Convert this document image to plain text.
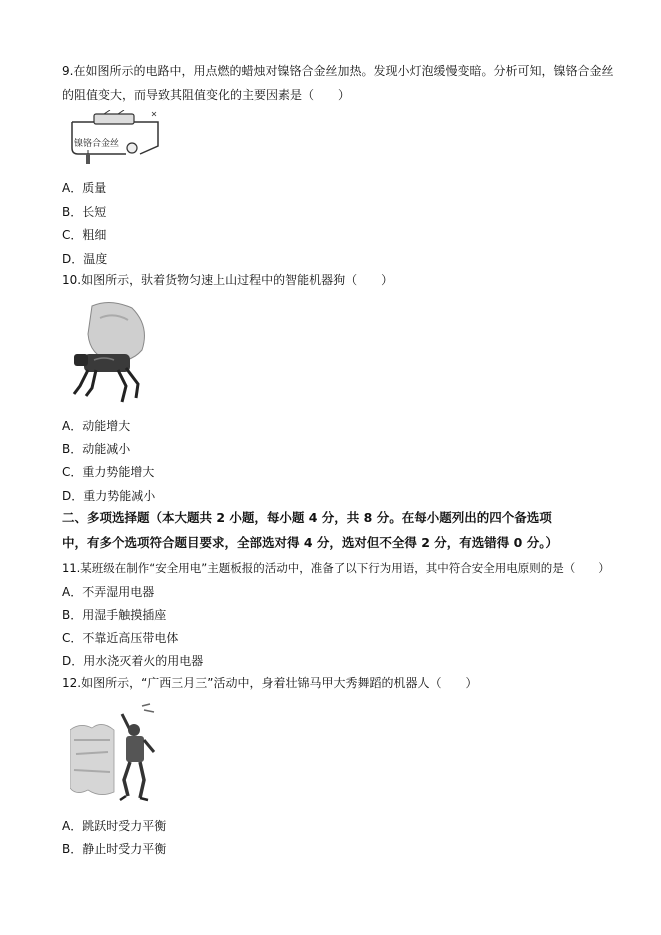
9.在如图所示的电路中，用点燃的蜡烛对镍铬合金丝加热。发现小灯泡缓慢变暗。分析可知，镍铬合金丝
的阻值变大，而导致其阻值变化的主要因素是（　　）
镍铬合金丝
A．质量
B．长短
C．粗细
D．温度
10.如图所示，驮着货物匀速上山过程中的智能机器狗（　　）
A．动能增大
B．动能减小
C．重力势能增大
D．重力势能减小
二、多项选择题（本大题共 2 小题，每小题 4 分，共 8 分。在每小题列出的四个备选项
中，有多个选项符合题目要求，全部选对得 4 分，选对但不全得 2 分，有选错得 0 分。）
11.某班级在制作“安全用电”主题板报的活动中，准备了以下行为用语，其中符合安全用电原则的是（　　）
A．不弄湿用电器
B．用湿手触摸插座
C．不靠近高压带电体
D．用水浇灭着火的用电器
12.如图所示，“广西三月三”活动中，身着壮锦马甲大秀舞蹈的机器人（　　）
A．跳跃时受力平衡
B．静止时受力平衡
